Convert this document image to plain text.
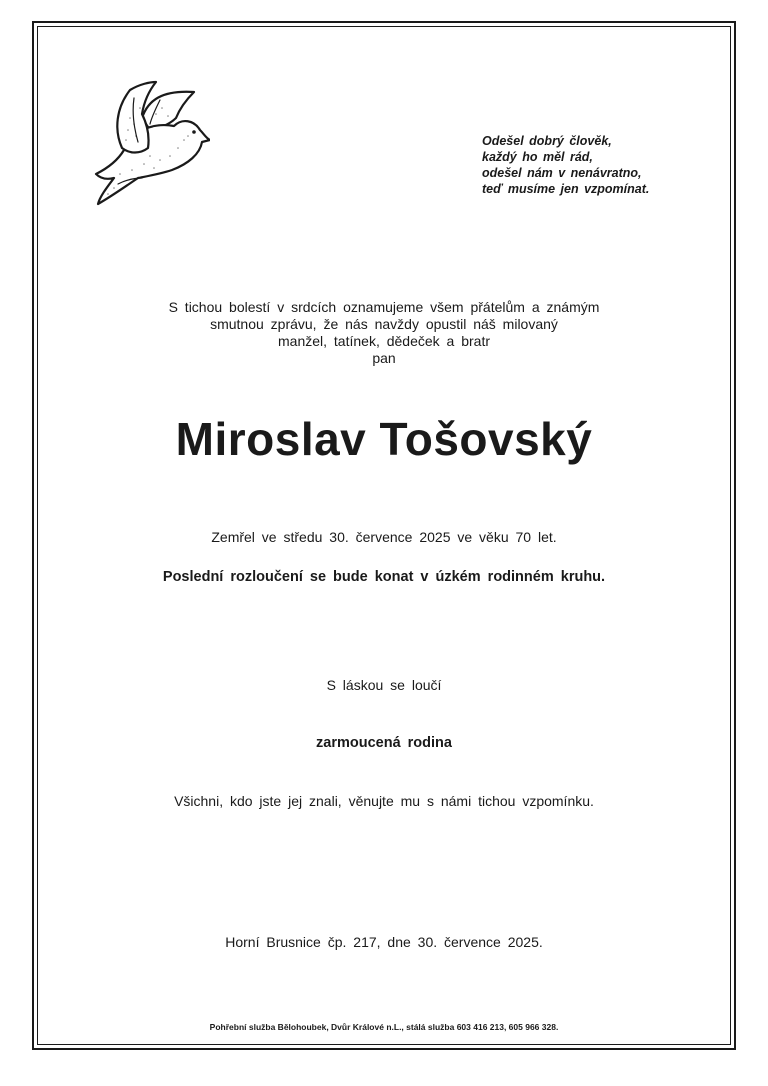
Odešel dobrý člověk,
každý ho měl rád,
odešel nám v nenávratno,
teď musíme jen vzpomínat.
S tichou bolestí v srdcích oznamujeme všem přátelům a známým
smutnou zprávu, že nás navždy opustil náš milovaný
manžel, tatínek, dědeček a bratr
pan
Miroslav Tošovský
Zemřel ve středu 30. července 2025 ve věku 70 let.
Poslední rozloučení se bude konat v úzkém rodinném kruhu.
S láskou se loučí
zarmoucená rodina
Všichni, kdo jste jej znali, věnujte mu s námi tichou vzpomínku.
Horní Brusnice čp. 217, dne 30. července 2025.
Pohřební služba Bělohoubek, Dvůr Králové n.L., stálá služba 603 416 213, 605 966 328.
